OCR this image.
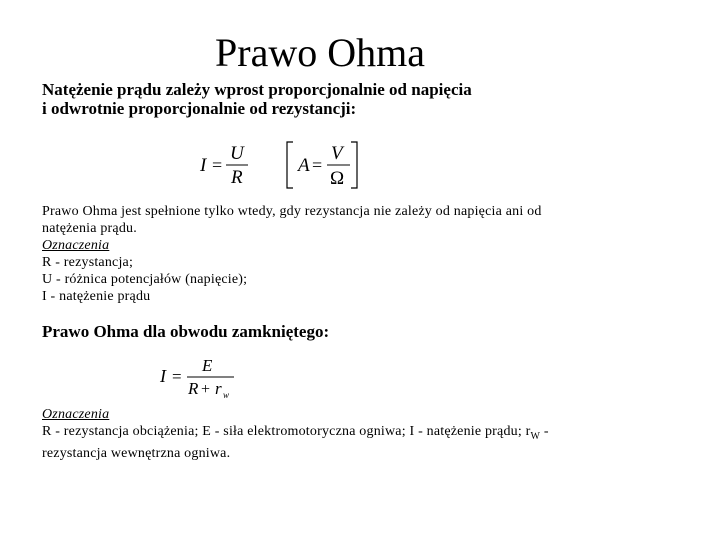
Prawo Ohma
Natężenie prądu zależy wprost proporcjonalnie od napięcia
i odwrotnie proporcjonalnie od rezystancji:
I =
U
R
A =
V
Ω
Prawo Ohma jest spełnione tylko wtedy, gdy rezystancja nie zależy od napięcia ani od
natężenia prądu.
Oznaczenia
R - rezystancja;
U - różnica potencjałów (napięcie);
I - natężenie prądu
Prawo Ohma dla obwodu zamkniętego:
I =
E
R + r w
Oznaczenia
R - rezystancja obciążenia; E - siła elektromotoryczna ogniwa; I - natężenie prądu; $r_W$ -
rezystancja wewnętrzna ogniwa.
